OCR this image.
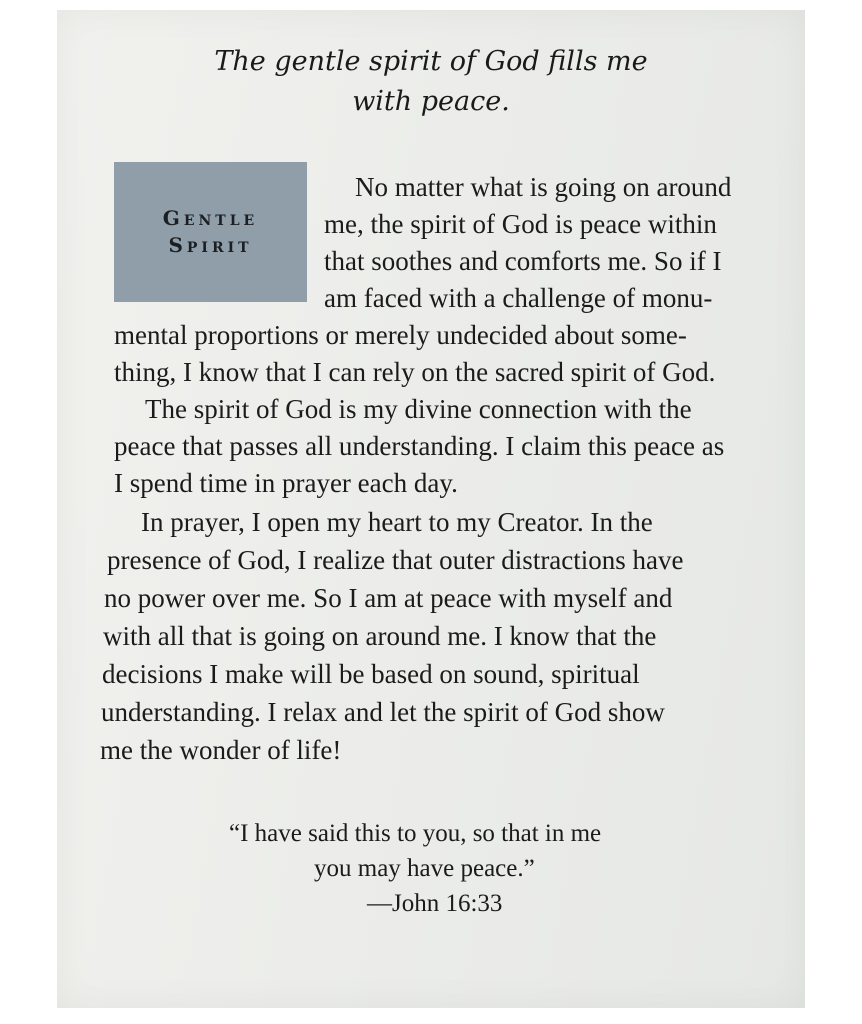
The gentle spirit of God fills me
with peace.
Gentle
Spirit
No matter what is going on around
me, the spirit of God is peace within
that soothes and comforts me. So if I
am faced with a challenge of monu-
mental proportions or merely undecided about some-
thing, I know that I can rely on the sacred spirit of God.
The spirit of God is my divine connection with the
peace that passes all understanding. I claim this peace as
I spend time in prayer each day.
In prayer, I open my heart to my Creator. In the
presence of God, I realize that outer distractions have
no power over me. So I am at peace with myself and
with all that is going on around me. I know that the
decisions I make will be based on sound, spiritual
understanding. I relax and let the spirit of God show
me the wonder of life!
“I have said this to you, so that in me
you may have peace.”
—John 16:33
